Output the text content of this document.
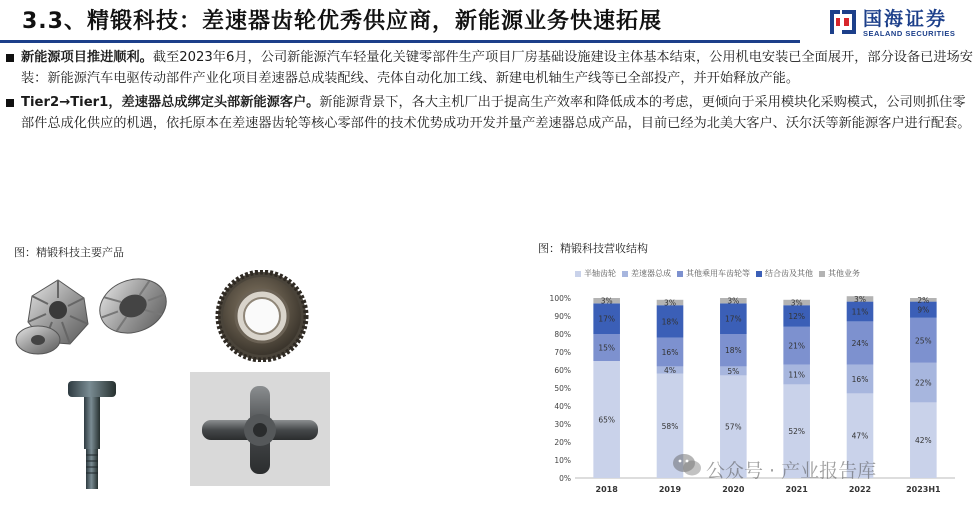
3.3、精锻科技：差速器齿轮优秀供应商，新能源业务快速拓展	国海证券
SEALAND SECURITIES
新能源项目推进顺利。截至2023年6月，公司新能源汽车轻量化关键零部件生产项目厂房基础设施建设主体基本结束，公用机电安装已全面展开，部分设备已进场安装：新能源汽车电驱传动部件产业化项目差速器总成装配线、壳体自动化加工线、新建电机轴生产线等已全部投产，并开始释放产能。
Tier2→Tier1，差速器总成绑定头部新能源客户。新能源背景下，各大主机厂出于提高生产效率和降低成本的考虑，更倾向于采用模块化采购模式，公司则抓住零部件总成化供应的机遇，依托原本在差速器齿轮等核心零部件的技术优势成功开发并量产差速器总成产品，目前已经为北美大客户、沃尔沃等新能源客户进行配套。
图：精锻科技主要产品	图：精锻科技营收结构
半轴齿轮 差速器总成 其他乘用车齿轮等 结合齿及其他 其他业务
0%
10%
20%
30%
40%
50%
60%
70%
80%
90%
100%
65%
15%
17%
3%
2018
58%
4%
16%
18%
3%
2019
57%
5%
18%
17%
3%
2020
52%
11%
21%
12%
3%
2021
47%
16%
24%
11%
3%
2022
42%
22%
25%
9%
2%
2023H1
公众号 · 产业报告库
